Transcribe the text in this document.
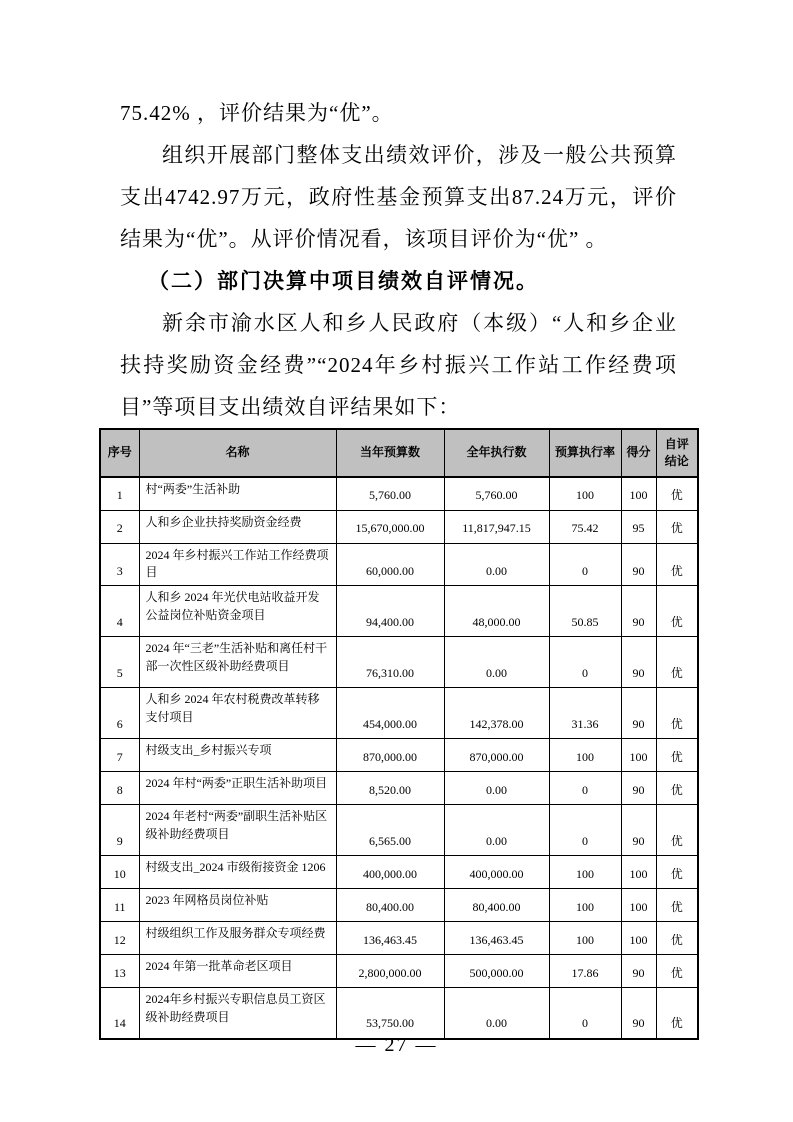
75.42% ，评价结果为“优”。

组织开展部门整体支出绩效评价，涉及一般公共预算支出4742.97万元，政府性基金预算支出87.24万元，评价结果为“优”。从评价情况看，该项目评价为“优” 。

（二）部门决算中项目绩效自评情况。

新余市渝水区人和乡人民政府（本级）“人和乡企业扶持奖励资金经费”“2024年乡村振兴工作站工作经费项目”等项目支出绩效自评结果如下：

序号	名称	当年预算数	全年执行数	预算执行率	得分	自评结论
1	村“两委”生活补助	5,760.00	5,760.00	100	100	优
2	人和乡企业扶持奖励资金经费	15,670,000.00	11,817,947.15	75.42	95	优
3	2024 年乡村振兴工作站工作经费项目	60,000.00	0.00	0	90	优
4	人和乡 2024 年光伏电站收益开发公益岗位补贴资金项目	94,400.00	48,000.00	50.85	90	优
5	2024 年“三老”生活补贴和离任村干部一次性区级补助经费项目	76,310.00	0.00	0	90	优
6	人和乡 2024 年农村税费改革转移支付项目	454,000.00	142,378.00	31.36	90	优
7	村级支出_乡村振兴专项	870,000.00	870,000.00	100	100	优
8	2024 年村“两委”正职生活补助项目	8,520.00	0.00	0	90	优
9	2024 年老村“两委”副职生活补贴区级补助经费项目	6,565.00	0.00	0	90	优
10	村级支出_2024 市级衔接资金 1206	400,000.00	400,000.00	100	100	优
11	2023 年网格员岗位补贴	80,400.00	80,400.00	100	100	优
12	村级组织工作及服务群众专项经费	136,463.45	136,463.45	100	100	优
13	2024 年第一批革命老区项目	2,800,000.00	500,000.00	17.86	90	优
14	2024年乡村振兴专职信息员工资区级补助经费项目	53,750.00	0.00	0	90	优
— 27 —
